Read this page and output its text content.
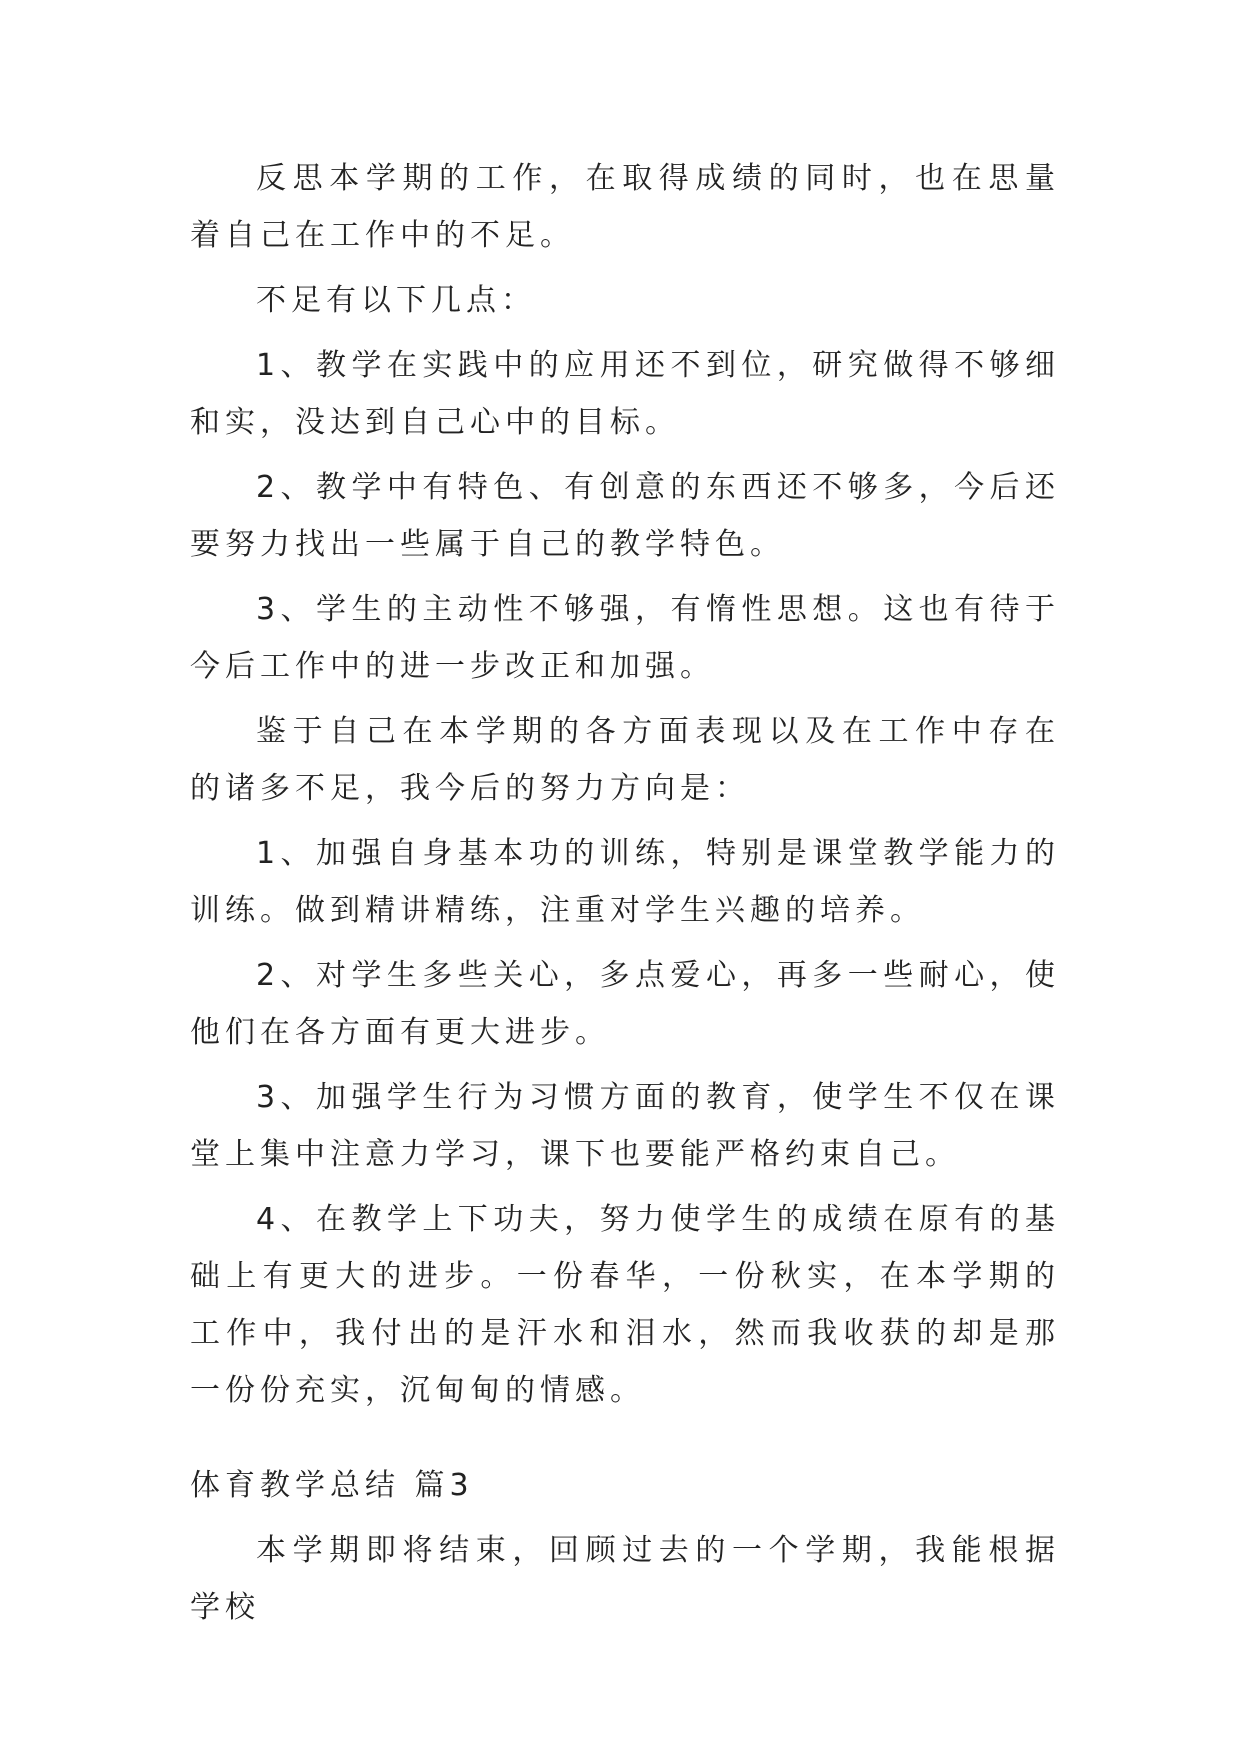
反思本学期的工作，在取得成绩的同时，也在思量着自己在工作中的不足。

不足有以下几点：

1、教学在实践中的应用还不到位，研究做得不够细和实，没达到自己心中的目标。

2、教学中有特色、有创意的东西还不够多，今后还要努力找出一些属于自己的教学特色。

3、学生的主动性不够强，有惰性思想。这也有待于今后工作中的进一步改正和加强。

鉴于自己在本学期的各方面表现以及在工作中存在的诸多不足，我今后的努力方向是：

1、加强自身基本功的训练，特别是课堂教学能力的训练。做到精讲精练，注重对学生兴趣的培养。

2、对学生多些关心，多点爱心，再多一些耐心，使他们在各方面有更大进步。

3、加强学生行为习惯方面的教育，使学生不仅在课堂上集中注意力学习，课下也要能严格约束自己。

4、在教学上下功夫，努力使学生的成绩在原有的基础上有更大的进步。一份春华，一份秋实，在本学期的工作中，我付出的是汗水和泪水，然而我收获的却是那一份份充实，沉甸甸的情感。

体育教学总结 篇3

本学期即将结束，回顾过去的一个学期，我能根据学校
